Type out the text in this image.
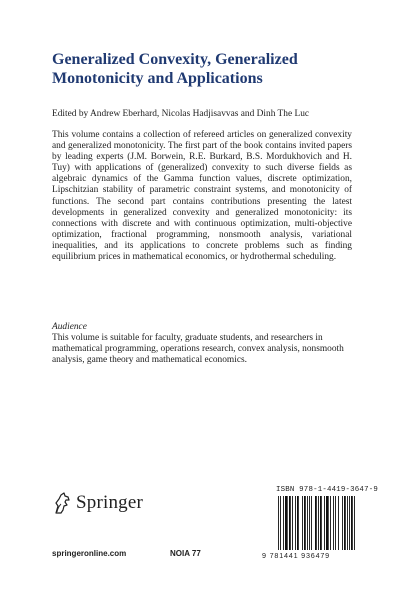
Generalized Convexity, Generalized Monotonicity and Applications
Edited by Andrew Eberhard, Nicolas Hadjisavvas and Dinh The Luc
This volume contains a collection of refereed articles on generalized convexity and generalized monotonicity. The first part of the book contains invited papers by leading experts (J.M. Borwein, R.E. Burkard, B.S. Mordukhovich and H. Tuy) with applications of (generalized) convexity to such diverse fields as algebraic dynamics of the Gamma function values, discrete optimization, Lipschitzian stability of parametric constraint systems, and monotonicity of functions. The second part contains contributions presenting the latest developments in generalized convexity and generalized monotonicity: its connections with discrete and with continuous optimization, multi-objective optimization, fractional programming, nonsmooth analysis, variational inequalities, and its applications to concrete problems such as finding equilibrium prices in mathematical economics, or hydrothermal scheduling.
Audience
This volume is suitable for faculty, graduate students, and researchers in mathematical programming, operations research, convex analysis, nonsmooth analysis, game theory and mathematical economics.
Springer
springeronline.com	NOIA 77
ISBN 978-1-4419-3647-9
9 781441 936479
